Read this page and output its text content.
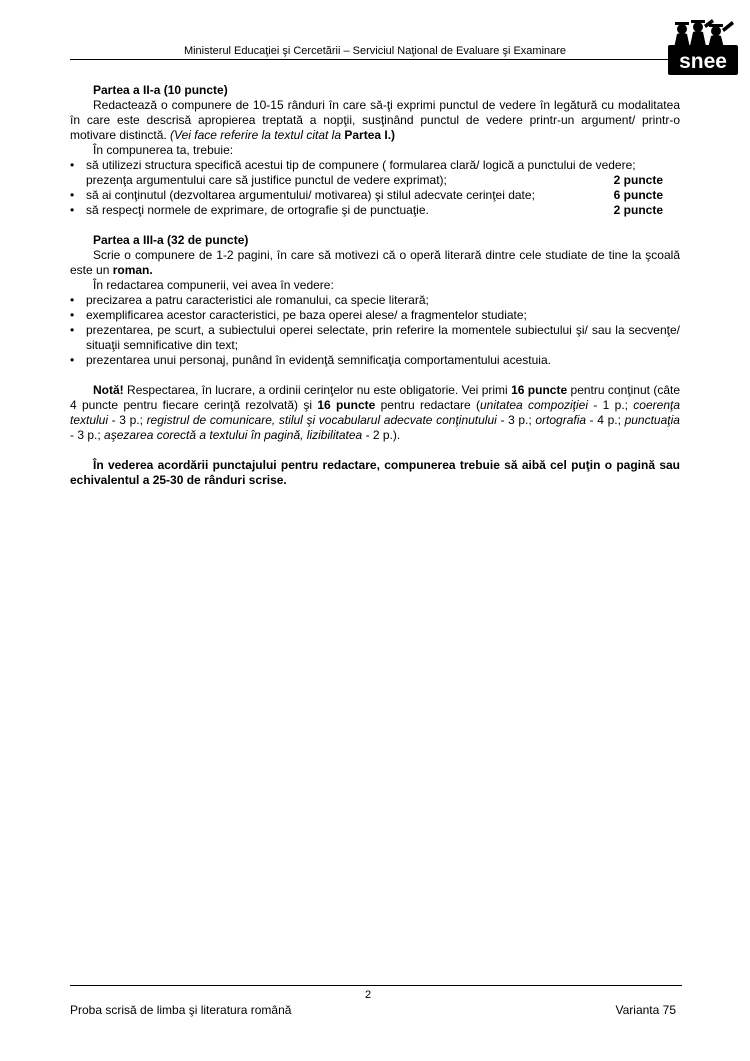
Ministerul Educaţiei şi Cercetării – Serviciul Naţional de Evaluare şi Examinare	snee

Partea a II-a (10 puncte)

Redactează o compunere de 10-15 rânduri în care să-ţi exprimi punctul de vedere în legătură cu modalitatea în care este descrisă apropierea treptată a nopţii, susţinând punctul de vedere printr-un argument/ printr-o motivare distinctă. (Vei face referire la textul citat la Partea I.)

În compunerea ta, trebuie:

• să utilizezi structura specifică acestui tip de compunere ( formularea clară/ logică a punctului de vedere;
prezenţa argumentului care să justifice punctul de vedere exprimat);	2 puncte
• să ai conţinutul (dezvoltarea argumentului/ motivarea) şi stilul adecvate cerinţei date;	6 puncte
• să respecţi normele de exprimare, de ortografie şi de punctuaţie.	2 puncte

Partea a III-a (32 de puncte)

Scrie o compunere de 1-2 pagini, în care să motivezi că o operă literară dintre cele studiate de tine la şcoală este un roman.

În redactarea compunerii, vei avea în vedere:

• precizarea a patru caracteristici ale romanului, ca specie literară;
• exemplificarea acestor caracteristici, pe baza operei alese/ a fragmentelor studiate;
• prezentarea, pe scurt, a subiectului operei selectate, prin referire la momentele subiectului şi/ sau la secvenţe/ situaţii semnificative din text;
• prezentarea unui personaj, punând în evidenţă semnificaţia comportamentului acestuia.

Notă! Respectarea, în lucrare, a ordinii cerinţelor nu este obligatorie. Vei primi 16 puncte pentru conţinut (câte 4 puncte pentru fiecare cerinţă rezolvată) şi 16 puncte pentru redactare (unitatea compoziţiei - 1 p.; coerenţa textului - 3 p.; registrul de comunicare, stilul şi vocabularul adecvate conţinutului - 3 p.; ortografia - 4 p.; punctuaţia - 3 p.; aşezarea corectă a textului în pagină, lizibilitatea - 2 p.).

În vederea acordării punctajului pentru redactare, compunerea trebuie să aibă cel puţin o pagină sau echivalentul a 25-30 de rânduri scrise.

2
Proba scrisă de limba şi literatura română	Varianta 75
